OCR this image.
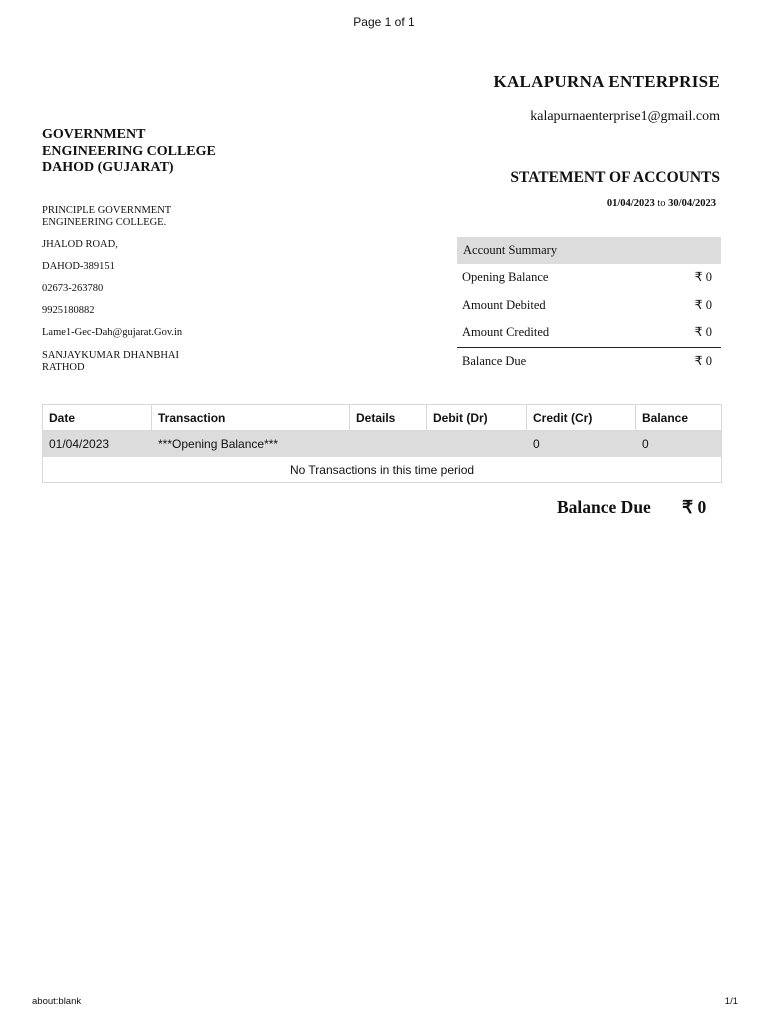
Page 1 of 1
KALAPURNA ENTERPRISE
kalapurnaenterprise1@gmail.com
GOVERNMENT ENGINEERING COLLEGE DAHOD (GUJARAT)
PRINCIPLE GOVERNMENT ENGINEERING COLLEGE.
JHALOD ROAD,
DAHOD-389151
02673-263780
9925180882
Lame1-Gec-Dah@gujarat.Gov.in
SANJAYKUMAR DHANBHAI RATHOD
STATEMENT OF ACCOUNTS
01/04/2023 to 30/04/2023
Account Summary
Opening Balance	₹ 0
Amount Debited	₹ 0
Amount Credited	₹ 0
Balance Due	₹ 0
Date	Transaction	Details	Debit (Dr)	Credit (Cr)	Balance
01/04/2023	***Opening Balance***			0	0
No Transactions in this time period					
Balance Due ₹ 0
about:blank	1/1
